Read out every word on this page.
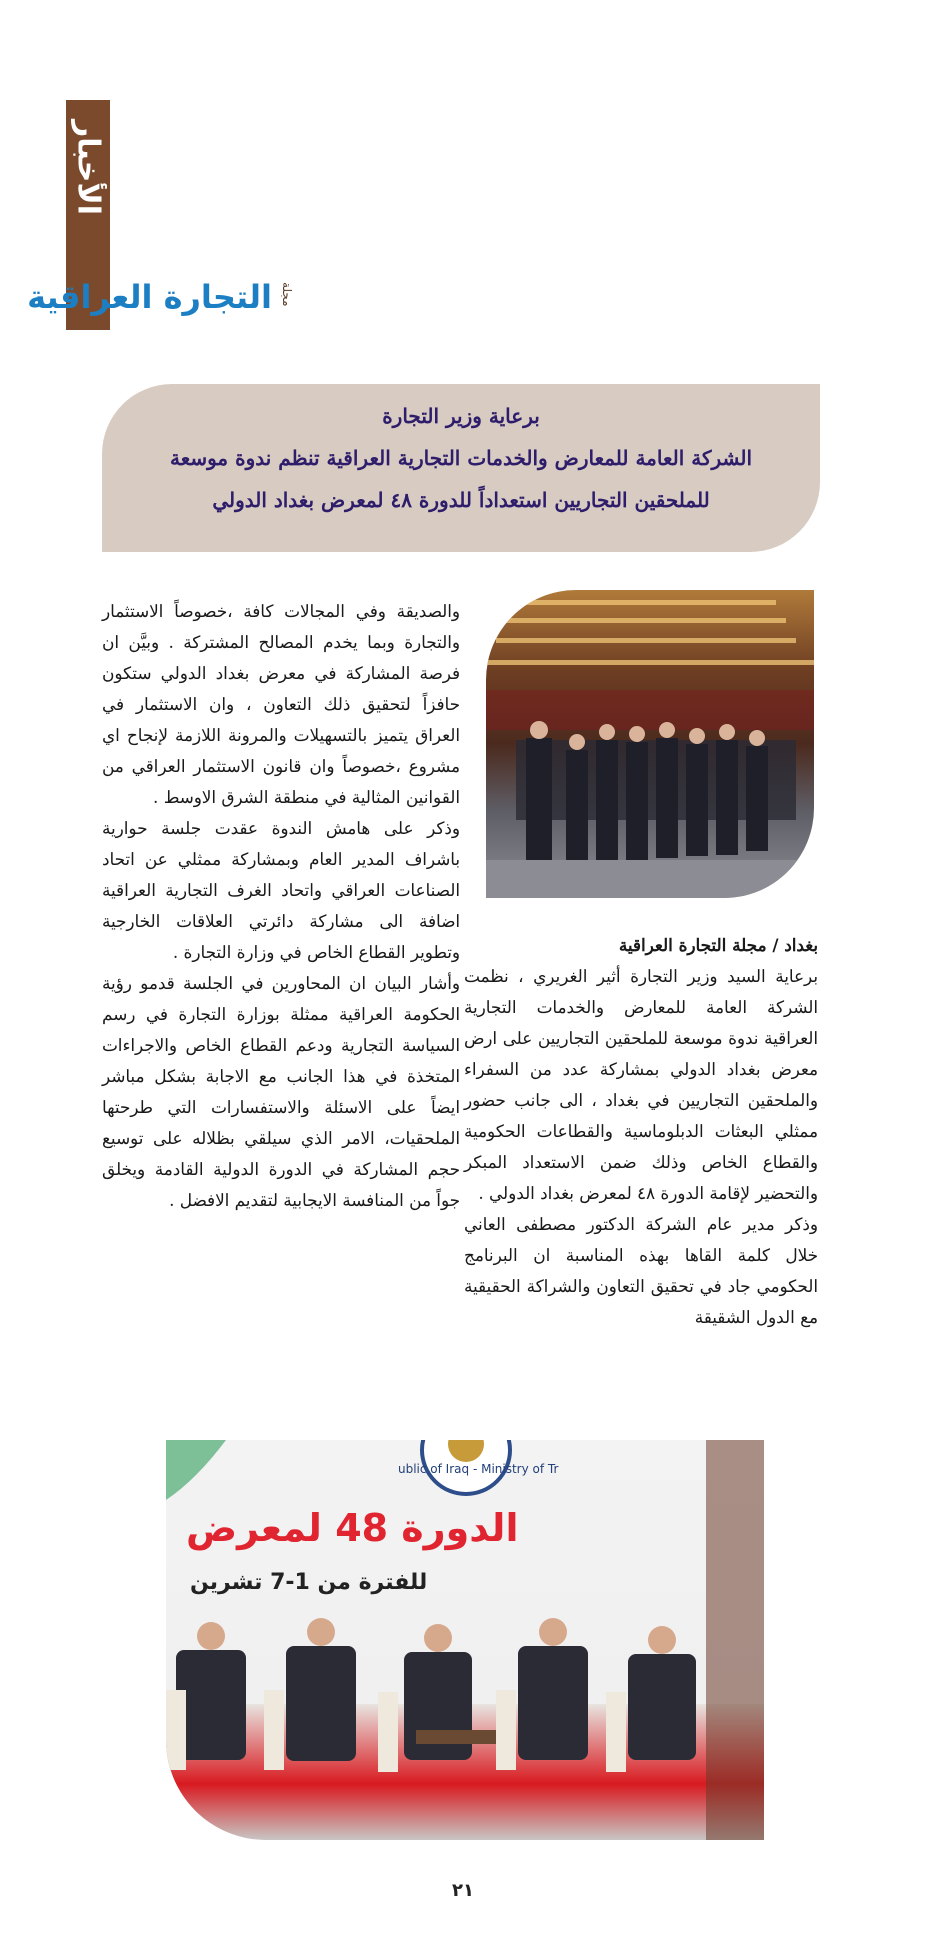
الأخبار
التجارة العراقية مجلة
برعاية وزير التجارة
الشركة العامة للمعارض والخدمات التجارية العراقية تنظم ندوة موسعة
للملحقين التجاريين استعداداً للدورة ٤٨ لمعرض بغداد الدولي

والصديقة وفي المجالات كافة ،خصوصاً الاستثمار والتجارة وبما يخدم المصالح المشتركة . وبيَّن ان فرصة المشاركة في معرض بغداد الدولي ستكون حافزاً لتحقيق ذلك التعاون ، وان الاستثمار في العراق يتميز بالتسهيلات والمرونة اللازمة لإنجاح اي مشروع ،خصوصاً وان قانون الاستثمار العراقي من القوانين المثالية في منطقة الشرق الاوسط .

وذكر على هامش الندوة عقدت جلسة حوارية باشراف المدير العام وبمشاركة ممثلي عن اتحاد الصناعات العراقي واتحاد الغرف التجارية العراقية اضافة الى مشاركة دائرتي العلاقات الخارجية وتطوير القطاع الخاص في وزارة التجارة .

وأشار البيان ان المحاورين في الجلسة قدمو رؤية الحكومة العراقية ممثلة بوزارة التجارة في رسم السياسة التجارية ودعم القطاع الخاص والاجراءات المتخذة في هذا الجانب مع الاجابة بشكل مباشر ايضاً على الاسئلة والاستفسارات التي طرحتها الملحقيات، الامر الذي سيلقي بظلاله على توسيع حجم المشاركة في الدورة الدولية القادمة ويخلق جواً من المنافسة الايجابية لتقديم الافضل .

بغداد / مجلة التجارة العراقية

برعاية السيد وزير التجارة أثير الغريري ، نظمت الشركة العامة للمعارض والخدمات التجارية العراقية ندوة موسعة للملحقين التجاريين على ارض معرض بغداد الدولي بمشاركة عدد من السفراء والملحقين التجاريين في بغداد ، الى جانب حضور ممثلي البعثات الدبلوماسية والقطاعات الحكومية والقطاع الخاص وذلك ضمن الاستعداد المبكر والتحضير لإقامة الدورة ٤٨ لمعرض بغداد الدولي .

وذكر مدير عام الشركة الدكتور مصطفى العاني خلال كلمة القاها بهذه المناسبة ان البرنامج الحكومي جاد في تحقيق التعاون والشراكة الحقيقية مع الدول الشقيقة

ublic of Iraq - Ministry of Tr
الدورة 48 لمعرض
للفترة من 1-7 تشرين
٢١
